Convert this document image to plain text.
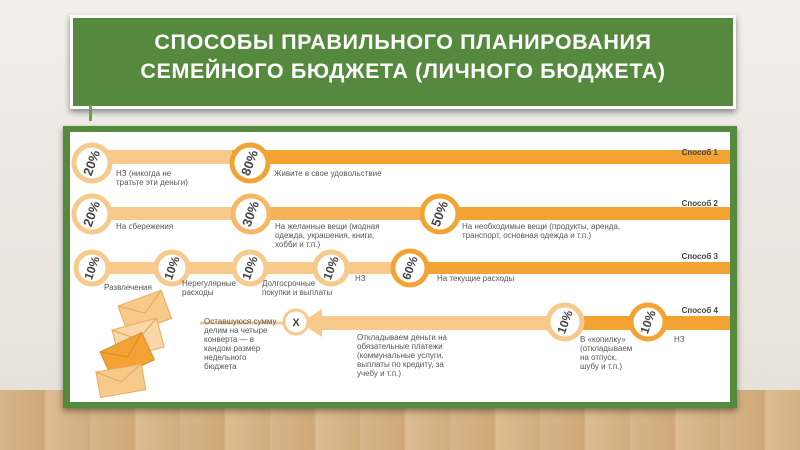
СПОСОБЫ ПРАВИЛЬНОГО ПЛАНИРОВАНИЯ
СЕМЕЙНОГО БЮДЖЕТА (ЛИЧНОГО БЮДЖЕТА)
Способ 1
20%	80%
НЗ (никогда не тратьте эти деньги)
Живите в свое удовольствие
Способ 2
20%	30%	50%
На сбережения	На желанные вещи (модная одежда, украшения, книги, хобби и т.п.)
На необходимые вещи (продукты, аренда, транспорт, основная одежда и т.п.)
Способ 3
10%	10%	10%	10%	60%
Развлечения	Нерегулярные расходы
Долгосрочные покупки и выплаты
НЗ	На текущие расходы
Способ 4
10%	10%
X
В «копилку» (откладываем на отпуск, шубу и т.п.)
НЗ
Откладываем деньги на обязательные платежи (коммунальные услуги, выплаты по кредиту, за учебу и т.п.)
Оставшуюся сумму делим на четыре конверта — в кандом размер недельного бюджета
